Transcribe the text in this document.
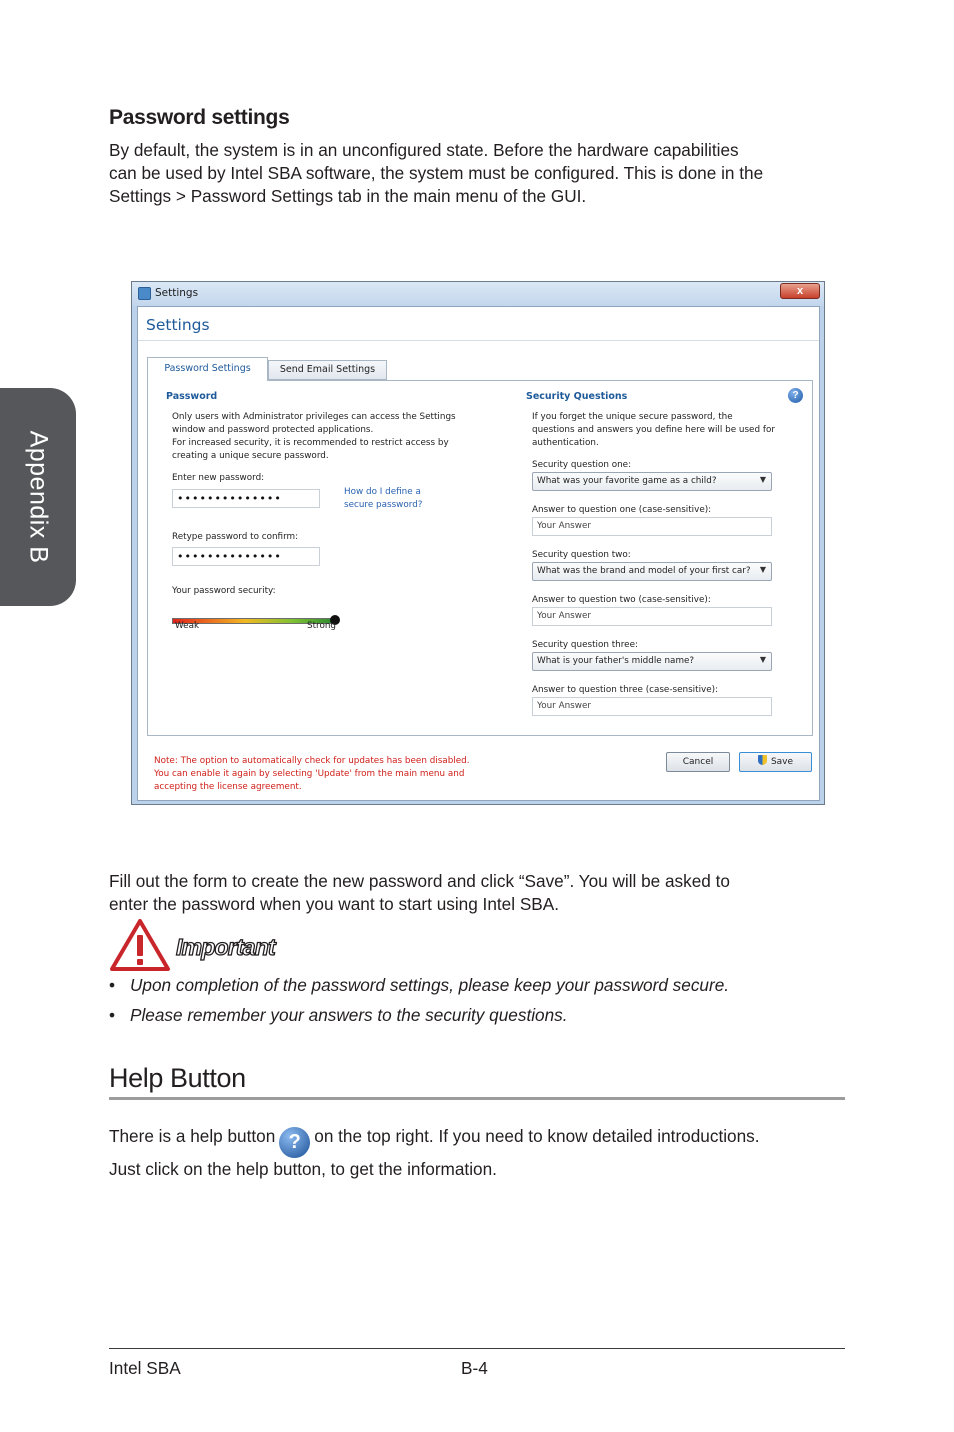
Appendix B
Password settings
By default, the system is in an unconfigured state. Before the hardware capabilities
can be used by Intel SBA software, the system must be configured. This is done in the
Settings > Password Settings tab in the main menu of the GUI.
Settings	x
Settings
Password Settings	Send Email Settings
Password
Only users with Administrator privileges can access the Settings
window and password protected applications.
For increased security, it is recommended to restrict access by
creating a unique secure password.
Enter new password:
••••••••••••••	How do I define a
secure password?
Retype password to confirm:
••••••••••••••
Your password security:
Weak	Strong
Security Questions	?
If you forget the unique secure password, the
questions and answers you define here will be used for
authentication.
Security question one:
What was your favorite game as a child?	▼
Answer to question one (case-sensitive):
Your Answer
Security question two:
What was the brand and model of your first car? ▼
Answer to question two (case-sensitive):
Your Answer
Security question three:
What is your father's middle name?	▼
Answer to question three (case-sensitive):
Your Answer
Note: The option to automatically check for updates has been disabled.
You can enable it again by selecting 'Update' from the main menu and
accepting the license agreement.
Cancel	Save
Fill out the form to create the new password and click “Save”. You will be asked to
enter the password when you want to start using Intel SBA.
Important
• Upon completion of the password settings, please keep your password secure.
• Please remember your answers to the security questions.
Help Button
There is a help button ? on the top right. If you need to know detailed introductions.
Just click on the help button, to get the information.
Intel SBA	B-4
